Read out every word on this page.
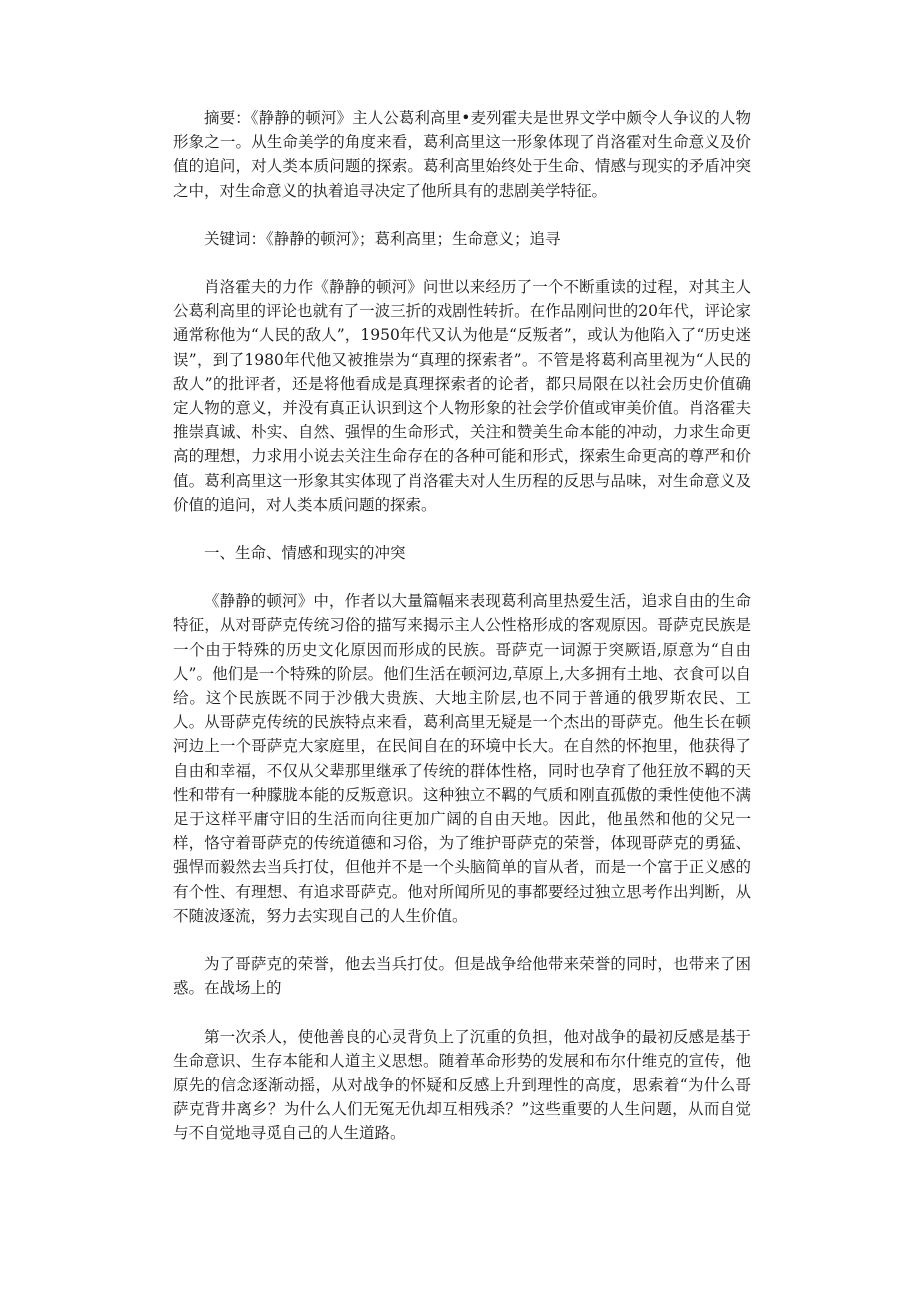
摘要：《静静的顿河》主人公葛利高里•麦列霍夫是世界文学中颇令人争议的人物形象之一。从生命美学的角度来看，葛利高里这一形象体现了肖洛霍对生命意义及价值的追问，对人类本质问题的探索。葛利高里始终处于生命、情感与现实的矛盾冲突之中，对生命意义的执着追寻决定了他所具有的悲剧美学特征。

关键词：《静静的顿河》；葛利高里；生命意义；追寻

肖洛霍夫的力作《静静的顿河》问世以来经历了一个不断重读的过程，对其主人公葛利高里的评论也就有了一波三折的戏剧性转折。在作品刚问世的20年代，评论家通常称他为“人民的敌人”，1950年代又认为他是“反叛者”，或认为他陷入了“历史迷误”，到了1980年代他又被推崇为“真理的探索者”。不管是将葛利高里视为“人民的敌人”的批评者，还是将他看成是真理探索者的论者，都只局限在以社会历史价值确定人物的意义，并没有真正认识到这个人物形象的社会学价值或审美价值。肖洛霍夫推崇真诚、朴实、自然、强悍的生命形式，关注和赞美生命本能的冲动，力求生命更高的理想，力求用小说去关注生命存在的各种可能和形式，探索生命更高的尊严和价值。葛利高里这一形象其实体现了肖洛霍夫对人生历程的反思与品味，对生命意义及价值的追问，对人类本质问题的探索。

一、生命、情感和现实的冲突

《静静的顿河》中，作者以大量篇幅来表现葛利高里热爱生活，追求自由的生命特征，从对哥萨克传统习俗的描写来揭示主人公性格形成的客观原因。哥萨克民族是一个由于特殊的历史文化原因而形成的民族。哥萨克一词源于突厥语,原意为“自由人”。他们是一个特殊的阶层。他们生活在顿河边,草原上,大多拥有土地、衣食可以自给。这个民族既不同于沙俄大贵族、大地主阶层,也不同于普通的俄罗斯农民、工人。从哥萨克传统的民族特点来看，葛利高里无疑是一个杰出的哥萨克。他生长在顿河边上一个哥萨克大家庭里，在民间自在的环境中长大。在自然的怀抱里，他获得了自由和幸福，不仅从父辈那里继承了传统的群体性格，同时也孕育了他狂放不羁的天性和带有一种朦胧本能的反叛意识。这种独立不羁的气质和刚直孤傲的秉性使他不满足于这样平庸守旧的生活而向往更加广阔的自由天地。因此，他虽然和他的父兄一样，恪守着哥萨克的传统道德和习俗，为了维护哥萨克的荣誉，体现哥萨克的勇猛、强悍而毅然去当兵打仗，但他并不是一个头脑简单的盲从者，而是一个富于正义感的有个性、有理想、有追求哥萨克。他对所闻所见的事都要经过独立思考作出判断，从不随波逐流，努力去实现自己的人生价值。

为了哥萨克的荣誉，他去当兵打仗。但是战争给他带来荣誉的同时，也带来了困惑。在战场上的

第一次杀人，使他善良的心灵背负上了沉重的负担，他对战争的最初反感是基于生命意识、生存本能和人道主义思想。随着革命形势的发展和布尔什维克的宣传，他原先的信念逐渐动摇，从对战争的怀疑和反感上升到理性的高度，思索着“为什么哥萨克背井离乡？为什么人们无冤无仇却互相残杀？”这些重要的人生问题，从而自觉与不自觉地寻觅自己的人生道路。
